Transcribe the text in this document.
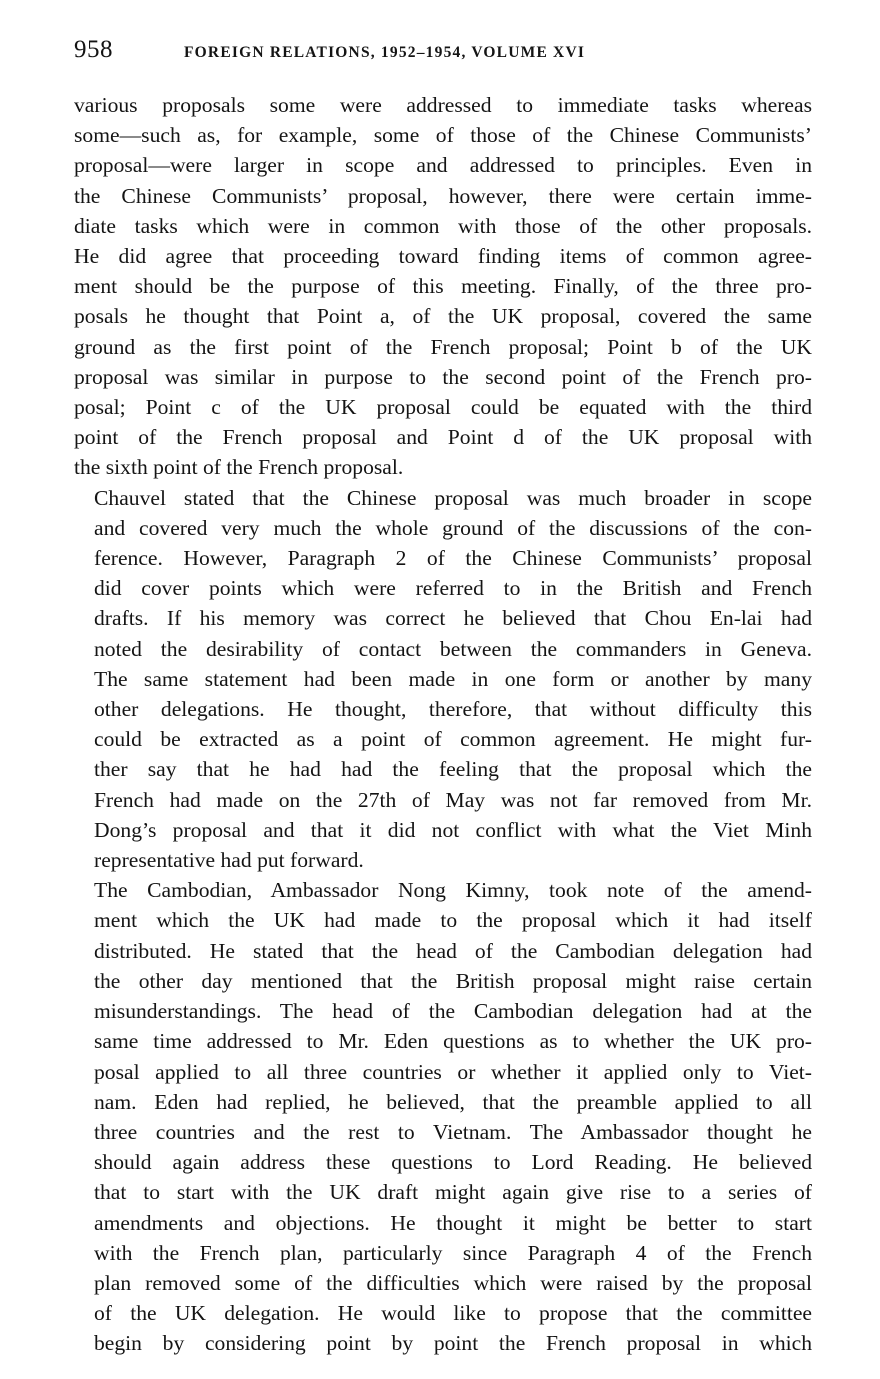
958	FOREIGN RELATIONS, 1952–1954, VOLUME XVI

various proposals some were addressed to immediate tasks whereas
some—such as, for example, some of those of the Chinese Communists’
proposal—were larger in scope and addressed to principles. Even in
the Chinese Communists’ proposal, however, there were certain imme-
diate tasks which were in common with those of the other proposals.
He did agree that proceeding toward finding items of common agree-
ment should be the purpose of this meeting. Finally, of the three pro-
posals he thought that Point a, of the UK proposal, covered the same
ground as the first point of the French proposal; Point b of the UK
proposal was similar in purpose to the second point of the French pro-
posal; Point c of the UK proposal could be equated with the third
point of the French proposal and Point d of the UK proposal with
the sixth point of the French proposal.

Chauvel stated that the Chinese proposal was much broader in scope
and covered very much the whole ground of the discussions of the con-
ference. However, Paragraph 2 of the Chinese Communists’ proposal
did cover points which were referred to in the British and French
drafts. If his memory was correct he believed that Chou En-lai had
noted the desirability of contact between the commanders in Geneva.
The same statement had been made in one form or another by many
other delegations. He thought, therefore, that without difficulty this
could be extracted as a point of common agreement. He might fur-
ther say that he had had the feeling that the proposal which the
French had made on the 27th of May was not far removed from Mr.
Dong’s proposal and that it did not conflict with what the Viet Minh
representative had put forward.

The Cambodian, Ambassador Nong Kimny, took note of the amend-
ment which the UK had made to the proposal which it had itself
distributed. He stated that the head of the Cambodian delegation had
the other day mentioned that the British proposal might raise certain
misunderstandings. The head of the Cambodian delegation had at the
same time addressed to Mr. Eden questions as to whether the UK pro-
posal applied to all three countries or whether it applied only to Viet-
nam. Eden had replied, he believed, that the preamble applied to all
three countries and the rest to Vietnam. The Ambassador thought he
should again address these questions to Lord Reading. He believed
that to start with the UK draft might again give rise to a series of
amendments and objections. He thought it might be better to start
with the French plan, particularly since Paragraph 4 of the French
plan removed some of the difficulties which were raised by the proposal
of the UK delegation. He would like to propose that the committee
begin by considering point by point the French proposal in which
